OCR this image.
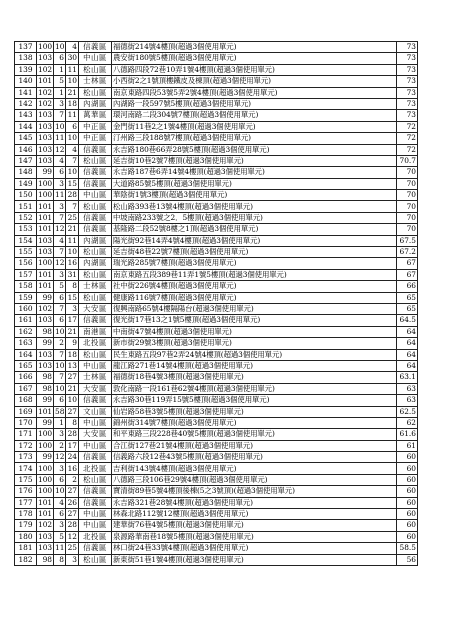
137	100	10	4	信義區	福德街214號4樓頂(超過3個使用單元)	73
138	103	6	30	中山區	農安街180號5樓頂(超過3個使用單元)	73
139	102	1	11	松山區	八德路四段72巷10弄1號4樓頂(超過3個使用單元)	73
140	101	5	10	士林區	小西街2之1號頂樓鐵皮及棟頂(超過3個使用單元)	73
141	102	1	21	松山區	南京東路四段53號5弄2號4樓頂(超過3個使用單元)	73
142	102	3	18	內湖區	內湖路一段597號5樓頂(超過3個使用單元)	73
143	103	7	11	萬華區	環河南路二段304號7樓頂(超過3個使用單元)	73
144	103	10	6	中正區	金門街11巷2之1號4樓頂(超過3個使用單元)	72
145	103	11	10	中正區	汀州路三段188號7樓頂(超過3個使用單元)	72
146	103	12	4	信義區	永吉路180巷66弄28號5樓頂(超過3個使用單元)	72
147	103	4	7	松山區	延吉街10巷2號7樓頂(超過3個使用單元)	70.7
148	99	6	10	信義區	永吉路187巷6弄14號4樓頂(超過3個使用單元)	70
149	100	3	15	信義區	大道路85號5樓頂(超過3個使用單元)	70
150	100	11	28	中山區	華陰街1號3樓頂(超過3個使用單元)	70
151	101	3	7	松山區	松山路393巷13號4樓頂(超過3個使用單元)	70
152	101	7	25	信義區	中坡南路233號之2．5樓頂(超過3個使用單元)	70
153	101	12	21	信義區	基隆路二段52號8樓之1頂(超過3個使用單元)	70
154	103	4	11	內湖區	陽光街92巷14弄4號4樓頂(超過3個使用單元)	67.5
155	103	7	10	松山區	延吉街48巷22號7樓頂(超過3個使用單元)	67.2
156	100	12	16	內湖區	瑞光路285號7樓頂(超過3個使用單元)	67
157	101	3	31	松山區	南京東路五段389巷11弄1號5樓頂(超過3個使用單元)	67
158	101	5	8	士林區	社中街226號4樓頂(超過3個使用單元)	66
159	99	6	15	松山區	健康路116號7樓頂(超過3個使用單元)	65
160	102	7	3	大安區	復興南路65號4樓隔陽台(超過3個使用單元)	65
161	103	6	17	信義區	復光街17巷13之1號5樓頂(超過3個使用單元)	64.5
162	98	10	21	南港區	中南街47號4樓頂(超過3個使用單元)	64
163	99	2	9	北投區	新市街29號3樓頂(超過3個使用單元)	64
164	103	7	18	松山區	民生東路五段97巷2弄24號4樓頂(超過3個使用單元)	64
165	103	10	13	中山區	龍江路271巷14號4樓頂(超過3個使用單元)	64
166	98	7	27	士林區	福德街18巷4號3樓頂(超過3個使用單元)	63.1
167	98	10	21	大安區	敦化南路一段161巷62號4樓頂(超過3個使用單元)	63
168	99	6	10	信義區	永吉路30巷119弄15號5樓頂(超過3個使用單元)	63
169	101	58	27	文山區	仙岩路58巷3號5樓頂(超過3個使用單元)	62.5
170	99	1	8	中山區	錦州街314號7樓頂(超過3個使用單元)	62
171	100	3	28	大安區	和平東路三段228巷40號5樓頂(超過3個使用單元)	61.6
172	100	2	17	中山區	合江街127巷21號4樓頂(超過3個使用單元)	61
173	99	12	24	信義區	信義路六段12巷43號5樓頂(超過3個使用單元)	60
174	100	3	16	北投區	吉利街143號4樓頂(超過3個使用單元)	60
175	100	6	2	松山區	八德路三段106巷29號4樓頂(超過3個使用單元)	60
176	100	10	27	信義區	寶清街89巷5號4樓頂後棟(5之3號頂)(超過3個使用單元)	60
177	101	4	26	信義區	永吉路321巷28號4樓頂(超過3個使用單元)	60
178	101	6	27	中山區	林森北路112號12樓頂(超過3個使用單元)	60
179	102	3	28	中山區	建華街76巷4號5樓頂(超過3個使用單元)	60
180	103	5	12	北投區	泉源路華南巷18號5樓頂(超過3個使用單元)	60
181	103	11	25	信義區	林口街24巷33號4樓頂(超過3個使用單元)	58.5
182	98	8	3	松山區	新東街51巷1號4樓頂(超過3個使用單元)	56
